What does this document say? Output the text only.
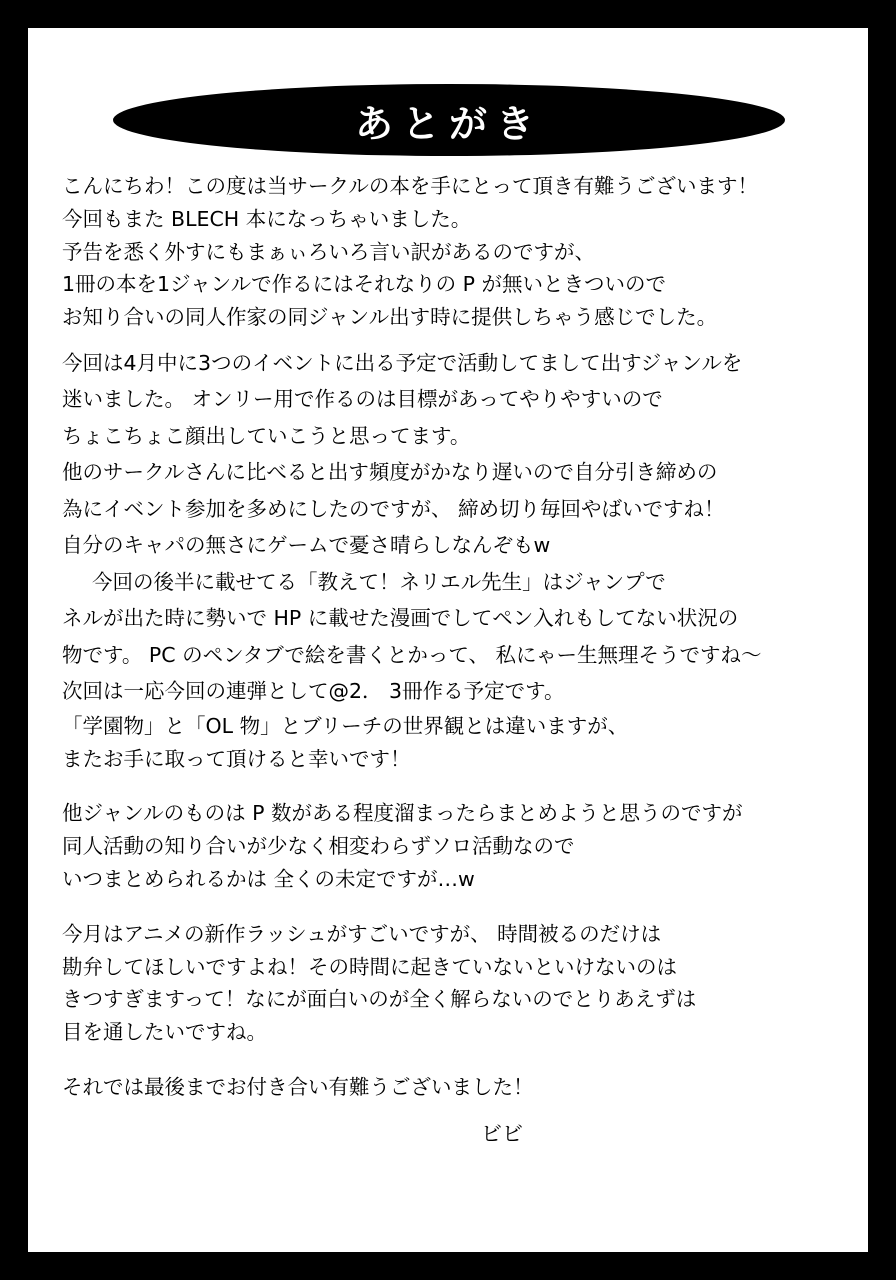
あとがき
こんにちわ！この度は当サークルの本を手にとって頂き有難うございます！
今回もまた BLECH 本になっちゃいました。
予告を悉く外すにもまぁぃろいろ言い訳があるのですが、
1冊の本を1ジャンルで作るにはそれなりの P が無いときついので
お知り合いの同人作家の同ジャンル出す時に提供しちゃう感じでした。
今回は4月中に3つのイベントに出る予定で活動してまして出すジャンルを
迷いました。 オンリー用で作るのは目標があってやりやすいので
ちょこちょこ顔出していこうと思ってます。
他のサークルさんに比べると出す頻度がかなり遅いので自分引き締めの
為にイベント参加を多めにしたのですが、 締め切り毎回やばいですね！
自分のキャパの無さにゲームで憂さ晴らしなんぞもw
今回の後半に載せてる「教えて！ネリエル先生」はジャンプで
ネルが出た時に勢いで HP に載せた漫画でしてペン入れもしてない状況の
物です。 PC のペンタブで絵を書くとかって、 私にゃー生無理そうですね〜
次回は一応今回の連弾として@2． 3冊作る予定です。
「学園物」と「OL 物」とブリーチの世界観とは違いますが、
またお手に取って頂けると幸いです！
他ジャンルのものは P 数がある程度溜まったらまとめようと思うのですが
同人活動の知り合いが少なく相変わらずソロ活動なので
いつまとめられるかは 全くの未定ですが…w
今月はアニメの新作ラッシュがすごいですが、 時間被るのだけは
勘弁してほしいですよね！その時間に起きていないといけないのは
きつすぎますって！なにが面白いのが全く解らないのでとりあえずは
目を通したいですね。
それでは最後までお付き合い有難うございました！
ビビ
